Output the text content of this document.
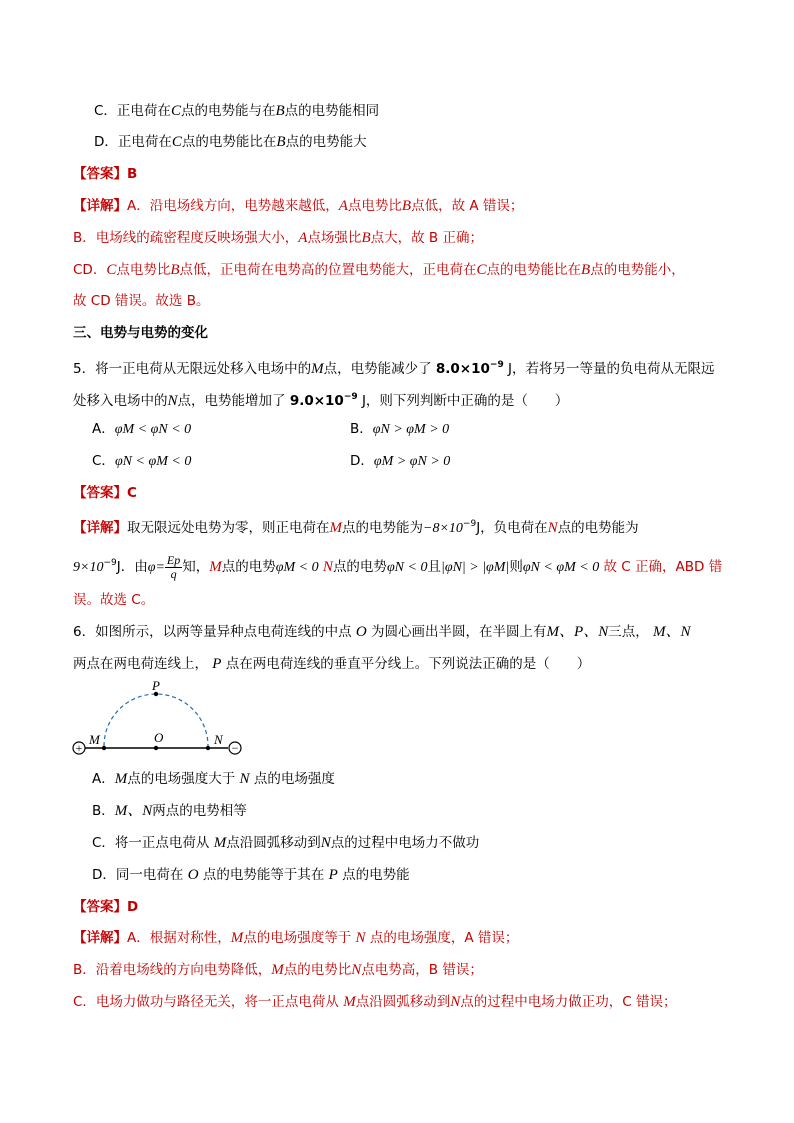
C．正电荷在C点的电势能与在B点的电势能相同
D．正电荷在C点的电势能比在B点的电势能大
【答案】B
【详解】A．沿电场线方向，电势越来越低，A点电势比B点低，故 A 错误；
B．电场线的疏密程度反映场强大小，A点场强比B点大，故 B 正确；
CD．C点电势比B点低，正电荷在电势高的位置电势能大，正电荷在C点的电势能比在B点的电势能小，
故 CD 错误。故选 B。
三、电势与电势的变化
5．将一正电荷从无限远处移入电场中的M点，电势能减少了 $8.0\times 10^{-9}$ J，若将另一等量的负电荷从无限远
处移入电场中的N点，电势能增加了 $9.0\times 10^{-9}$ J，则下列判断中正确的是（　　）
A．φM < φN < 0	B．φN > φM > 0
C．φN < φM < 0	D．φM > φN > 0
【答案】C
【详解】取无限远处电势为零，则正电荷在M点的电势能为$-8\times 10^{-9}J$，负电荷在N点的电势能为
$9\times 10^{-9}J$．由$\varphi= \frac{Ep}{q}$ 知，M点的电势φM < 0 N点的电势φN < 0且|φN| > |φM|则φN < φM < 0 故 C 正确，ABD 错
误。故选 C。
6．如图所示，以两等量异种点电荷连线的中点 O 为圆心画出半圆，在半圆上有M、P、N三点， M、N
两点在两电荷连线上， P 点在两电荷连线的垂直平分线上。下列说法正确的是（　　）
+	−
P
M	O	N
A．M点的电场强度大于 N 点的电场强度
B．M、N两点的电势相等
C．将一正点电荷从 M点沿圆弧移动到N点的过程中电场力不做功
D．同一电荷在 O 点的电势能等于其在 P 点的电势能
【答案】D
【详解】A．根据对称性，M点的电场强度等于 N 点的电场强度，A 错误；
B．沿着电场线的方向电势降低，M点的电势比N点电势高，B 错误；
C．电场力做功与路径无关，将一正点电荷从 M点沿圆弧移动到N点的过程中电场力做正功，C 错误；
